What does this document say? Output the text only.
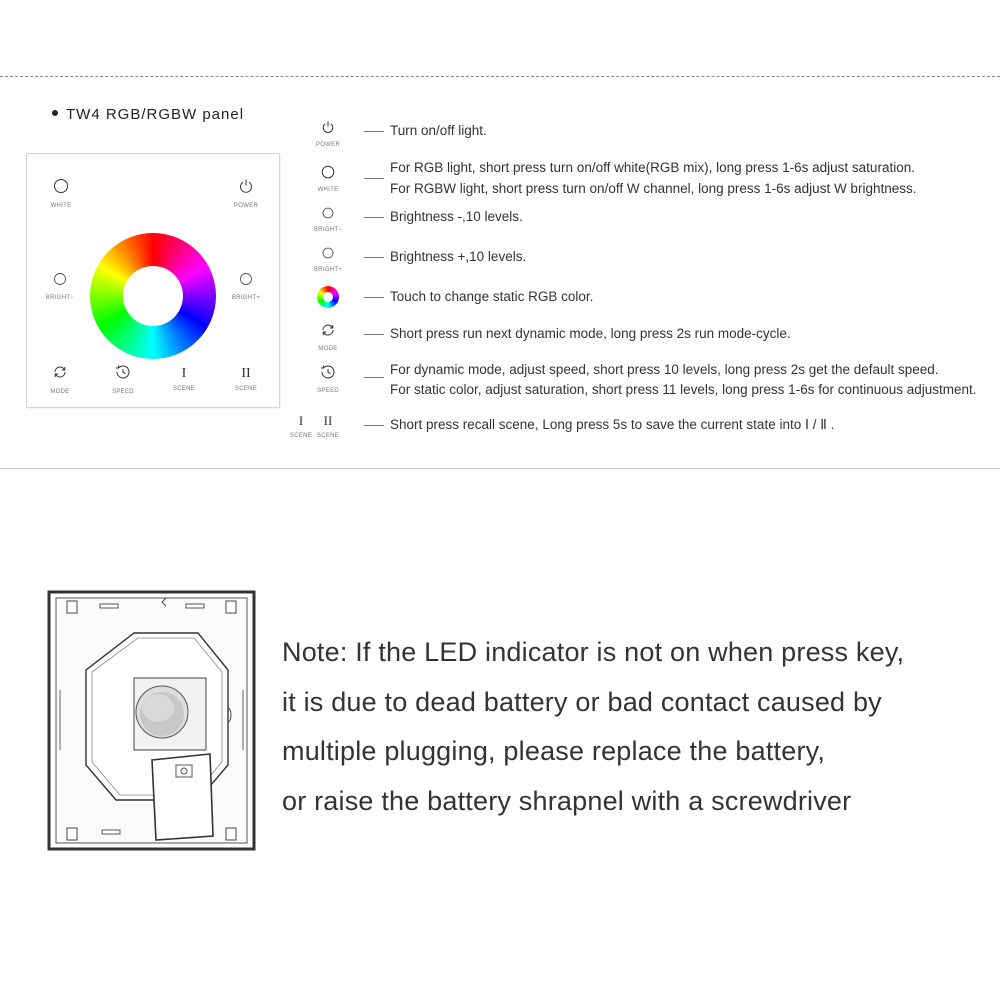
TW4 RGB/RGBW panel
WHITE	POWER
BRIGHT−	BRIGHT+
MODE	SPEED
I
SCENE
II
SCENE
POWER
Turn on/off light.
WHITE
For RGB light, short press turn on/off white(RGB mix), long press 1-6s adjust saturation.
For RGBW light, short press turn on/off W channel, long press 1-6s adjust W brightness.
BRIGHT−
Brightness -,10 levels.
BRIGHT+
Brightness +,10 levels.
Touch to change static RGB color.
MODE
Short press run next dynamic mode, long press 2s run mode-cycle.
SPEED
For dynamic mode, adjust speed, short press 10 levels, long press 2s get the default speed.
For static color, adjust saturation, short press 11 levels, long press 1-6s for continuous adjustment.
I
SCENE
II
SCENE
Short press recall scene, Long press 5s to save the current state into Ⅰ / Ⅱ .
Note: If the LED indicator is not on when press key,
it is due to dead battery or bad contact caused by
multiple plugging, please replace the battery,
or raise the battery shrapnel with a screwdriver
